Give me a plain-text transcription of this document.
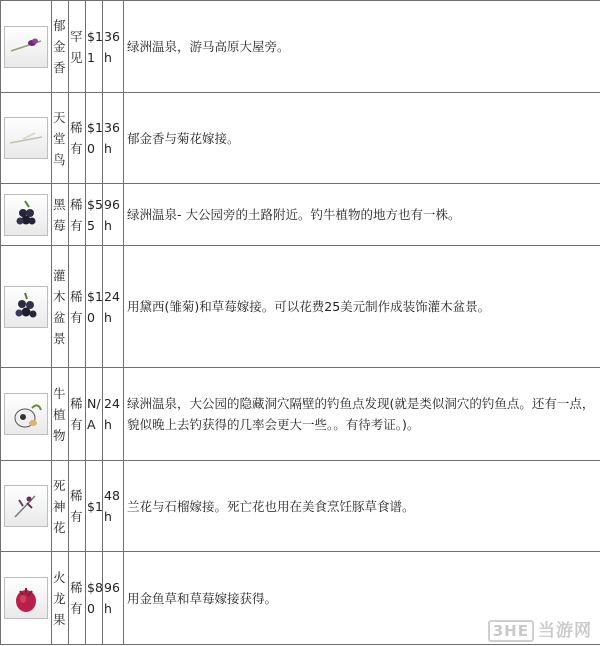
	郁金香	罕见	$11	36h	绿洲温泉，游马高原大屋旁。

	天堂鸟	稀有	$10	36h	郁金香与菊花嫁接。

	黑莓	稀有	$55	96h	绿洲温泉- 大公园旁的土路附近。钓牛植物的地方也有一株。

	灌木盆景	稀有	$10	24h	用黛西(雏菊)和草莓嫁接。可以花费25美元制作成装饰灌木盆景。

	牛植物	稀有	N/A	24h	绿洲温泉，大公园的隐藏洞穴隔壁的钓鱼点发现(就是类似洞穴的钓鱼点。还有一点，貌似晚上去钓获得的几率会更大一些。。有待考证。)。

	死神花	稀有	$1	48h	兰花与石榴嫁接。死亡花也用在美食烹饪豚草食谱。

	火龙果	稀有	$80	96h	用金鱼草和草莓嫁接获得。
3HE 当游网
